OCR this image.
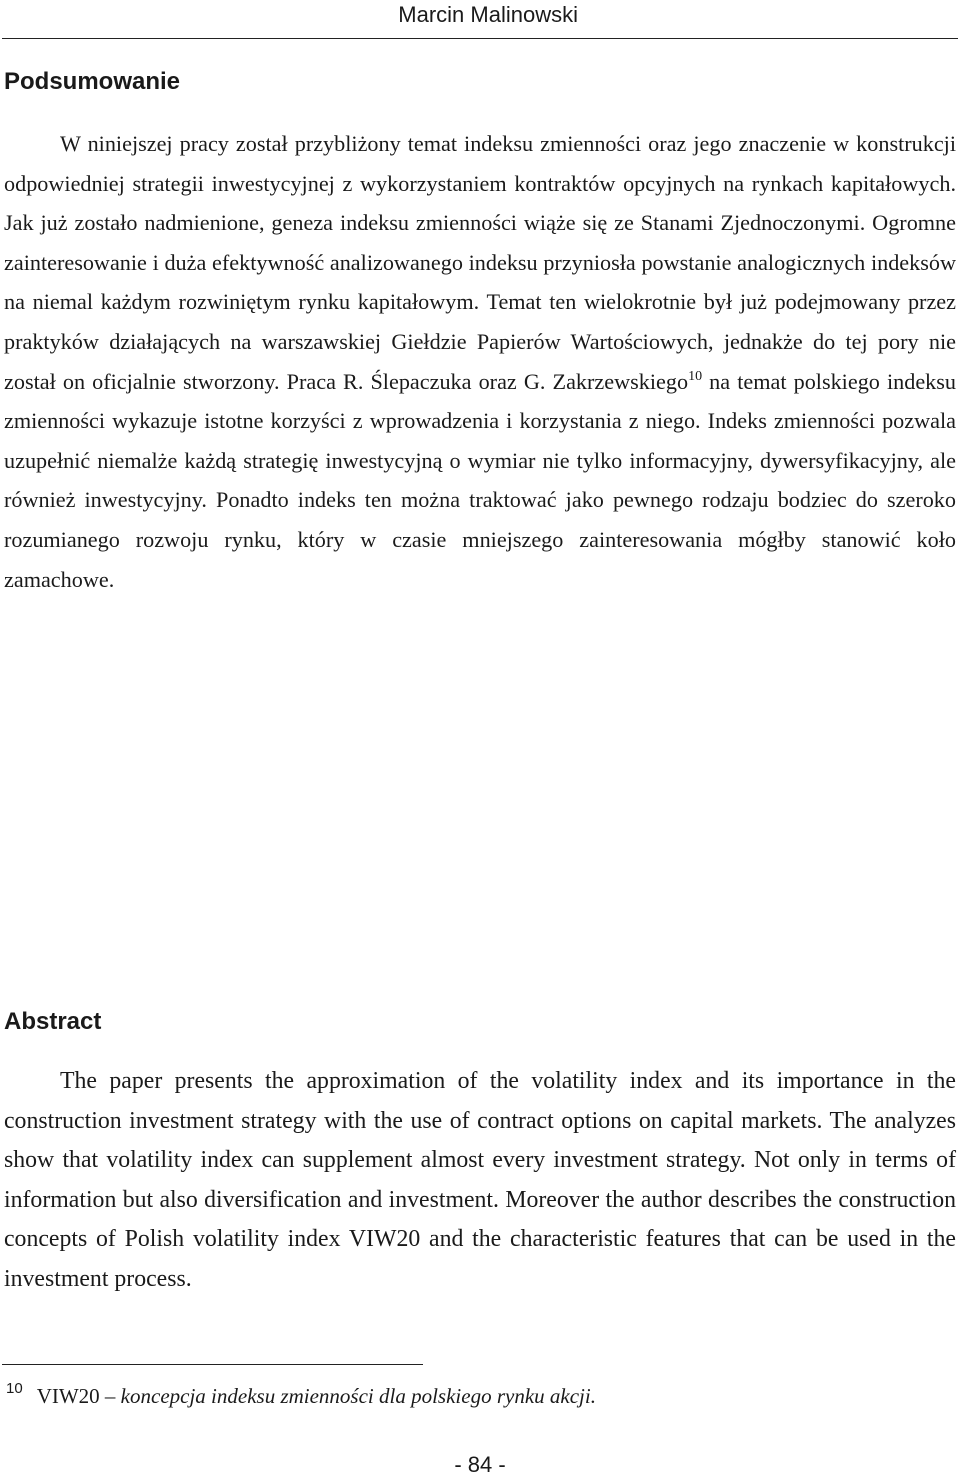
Marcin Malinowski
Podsumowanie

W niniejszej pracy został przybliżony temat indeksu zmienności oraz jego znaczenie w konstrukcji odpowiedniej strategii inwestycyjnej z wykorzystaniem kontraktów opcyjnych na rynkach kapitałowych. Jak już zostało nadmienione, geneza indeksu zmienności wiąże się ze Stanami Zjednoczonymi. Ogromne zainteresowanie i duża efektywność analizowanego indeksu przyniosła powstanie analogicznych indeksów na niemal każdym rozwiniętym rynku kapitałowym. Temat ten wielokrotnie był już podejmowany przez praktyków działających na warszawskiej Giełdzie Papierów Wartościowych, jednakże do tej pory nie został on oficjalnie stworzony. Praca R. Ślepaczuka oraz G. Zakrzewskiego$^{10}$ na temat polskiego indeksu zmienności wykazuje istotne korzyści z wprowadzenia i korzystania z niego. Indeks zmienności pozwala uzupełnić niemalże każdą strategię inwestycyjną o wymiar nie tylko informacyjny, dywersyfikacyjny, ale również inwestycyjny. Ponadto indeks ten można traktować jako pewnego rodzaju bodziec do szeroko rozumianego rozwoju rynku, który w czasie mniejszego zainteresowania mógłby stanowić koło zamachowe.

Abstract

The paper presents the approximation of the volatility index and its importance in the construction investment strategy with the use of contract options on capital markets. The analyzes show that volatility index can supplement almost every investment strategy. Not only in terms of information but also diversification and investment. Moreover the author describes the construction concepts of Polish volatility index VIW20 and the characteristic features that can be used in the investment process.

10 VIW20 – koncepcja indeksu zmienności dla polskiego rynku akcji.
- 84 -
